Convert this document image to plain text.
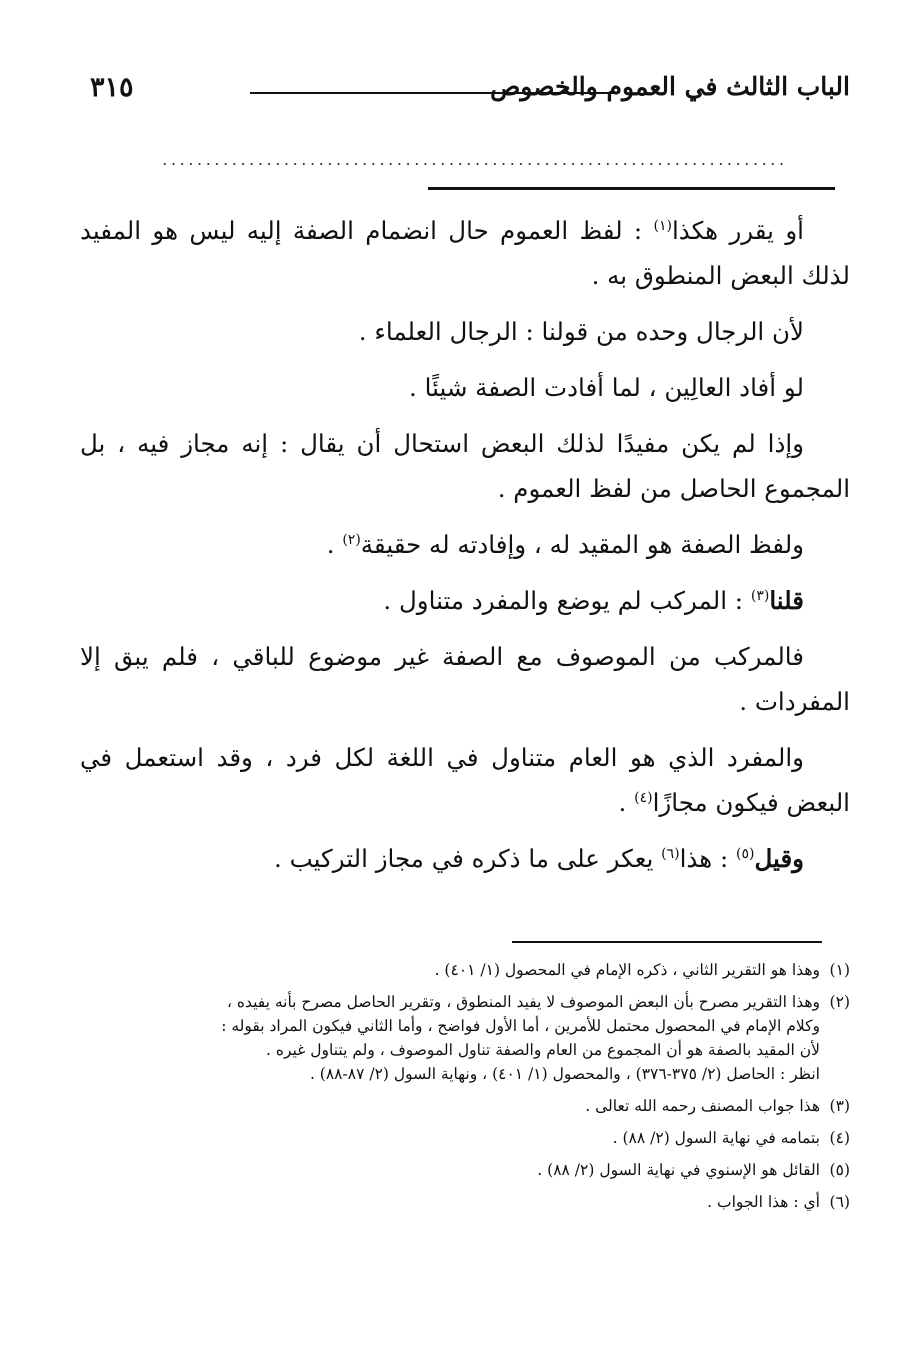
٣١٥	الباب الثالث في العموم والخصوص
........................................................................

أو يقرر هكذا$^{(١)}$ : لفظ العموم حال انضمام الصفة إليه ليس هو المفيد لذلك البعض المنطوق به .

لأن الرجال وحده من قولنا : الرجال العلماء .

لو أفاد العالِين ، لما أفادت الصفة شيئًا .

وإذا لم يكن مفيدًا لذلك البعض استحال أن يقال : إنه مجاز فيه ، بل المجموع الحاصل من لفظ العموم .

ولفظ الصفة هو المقيد له ، وإفادته له حقيقة$^{(٢)}$ .

قلنا$^{(٣)}$ : المركب لم يوضع والمفرد متناول .

فالمركب من الموصوف مع الصفة غير موضوع للباقي ، فلم يبق إلا المفردات .

والمفرد الذي هو العام متناول في اللغة لكل فرد ، وقد استعمل في البعض فيكون مجازًا$^{(٤)}$ .

وقيل$^{(٥)}$ : هذا$^{(٦)}$ يعكر على ما ذكره في مجاز التركيب .

(١)
وهذا هو التقرير الثاني ، ذكره الإمام في المحصول (١/ ٤٠١) .
(٢)
وهذا التقرير مصرح بأن البعض الموصوف لا يفيد المنطوق ، وتقرير الحاصل مصرح بأنه يفيده ،
وكلام الإمام في المحصول محتمل للأمرين ، أما الأول فواضح ، وأما الثاني فيكون المراد بقوله :
لأن المقيد بالصفة هو أن المجموع من العام والصفة تناول الموصوف ، ولم يتناول غيره .
انظر : الحاصل (٢/ ٣٧٥-٣٧٦) ، والمحصول (١/ ٤٠١) ، ونهاية السول (٢/ ٨٧-٨٨) .
(٣)
هذا جواب المصنف رحمه الله تعالى .
(٤)
بتمامه في نهاية السول (٢/ ٨٨) .
(٥)
القائل هو الإسنوي في نهاية السول (٢/ ٨٨) .
(٦)
أي : هذا الجواب .
